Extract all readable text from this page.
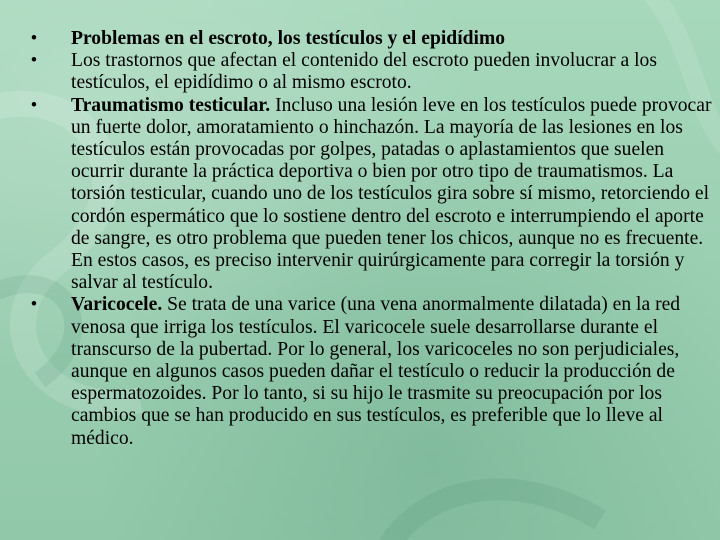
• Problemas en el escroto, los testículos y el epidídimo
• Los trastornos que afectan el contenido del escroto pueden involucrar a los testículos, el epidídimo o al mismo escroto.
• Traumatismo testicular. Incluso una lesión leve en los testículos puede provocar un fuerte dolor, amoratamiento o hinchazón. La mayoría de las lesiones en los testículos están provocadas por golpes, patadas o aplastamientos que suelen ocurrir durante la práctica deportiva o bien por otro tipo de traumatismos. La torsión testicular, cuando uno de los testículos gira sobre sí mismo, retorciendo el cordón espermático que lo sostiene dentro del escroto e interrumpiendo el aporte de sangre, es otro problema que pueden tener los chicos, aunque no es frecuente. En estos casos, es preciso intervenir quirúrgicamente para corregir la torsión y salvar al testículo.
• Varicocele. Se trata de una varice (una vena anormalmente dilatada) en la red venosa que irriga los testículos. El varicocele suele desarrollarse durante el transcurso de la pubertad. Por lo general, los varicoceles no son perjudiciales, aunque en algunos casos pueden dañar el testículo o reducir la producción de espermatozoides. Por lo tanto, si su hijo le trasmite su preocupación por los cambios que se han producido en sus testículos, es preferible que lo lleve al médico.
